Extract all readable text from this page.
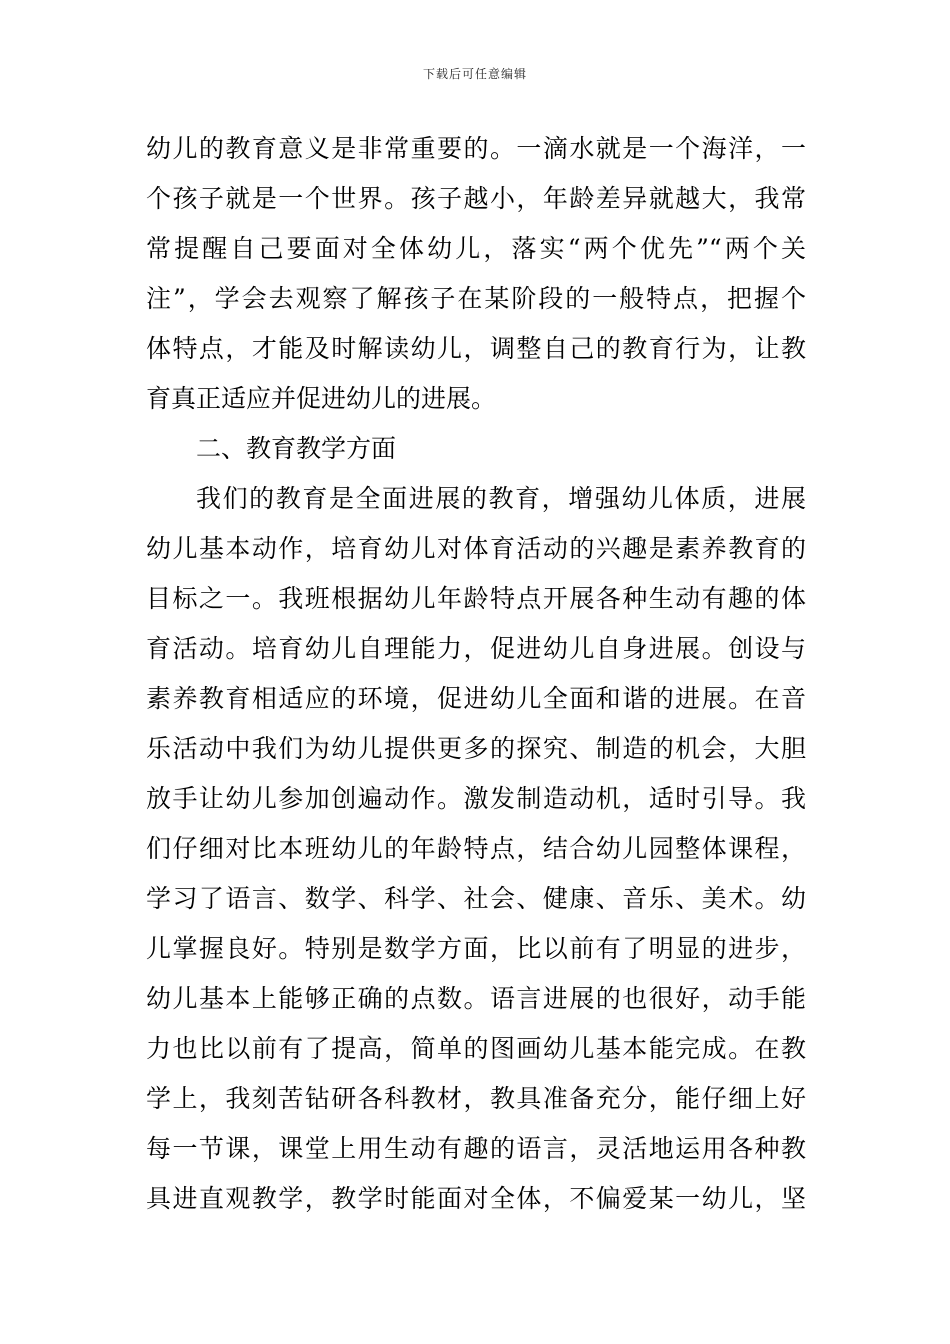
下载后可任意编辑
幼儿的教育意义是非常重要的。一滴水就是一个海洋，一
个孩子就是一个世界。孩子越小，年龄差异就越大，我常
常提醒自己要面对全体幼儿，落实“两个优先”“两个关
注”，学会去观察了解孩子在某阶段的一般特点，把握个
体特点，才能及时解读幼儿，调整自己的教育行为，让教
育真正适应并促进幼儿的进展。
二、教育教学方面
我们的教育是全面进展的教育，增强幼儿体质，进展
幼儿基本动作，培育幼儿对体育活动的兴趣是素养教育的
目标之一。我班根据幼儿年龄特点开展各种生动有趣的体
育活动。培育幼儿自理能力，促进幼儿自身进展。创设与
素养教育相适应的环境，促进幼儿全面和谐的进展。在音
乐活动中我们为幼儿提供更多的探究、制造的机会，大胆
放手让幼儿参加创遍动作。激发制造动机，适时引导。我
们仔细对比本班幼儿的年龄特点，结合幼儿园整体课程，
学习了语言、数学、科学、社会、健康、音乐、美术。幼
儿掌握良好。特别是数学方面，比以前有了明显的进步，
幼儿基本上能够正确的点数。语言进展的也很好，动手能
力也比以前有了提高，简单的图画幼儿基本能完成。在教
学上，我刻苦钻研各科教材，教具准备充分，能仔细上好
每一节课，课堂上用生动有趣的语言，灵活地运用各种教
具进直观教学，教学时能面对全体，不偏爱某一幼儿，坚
